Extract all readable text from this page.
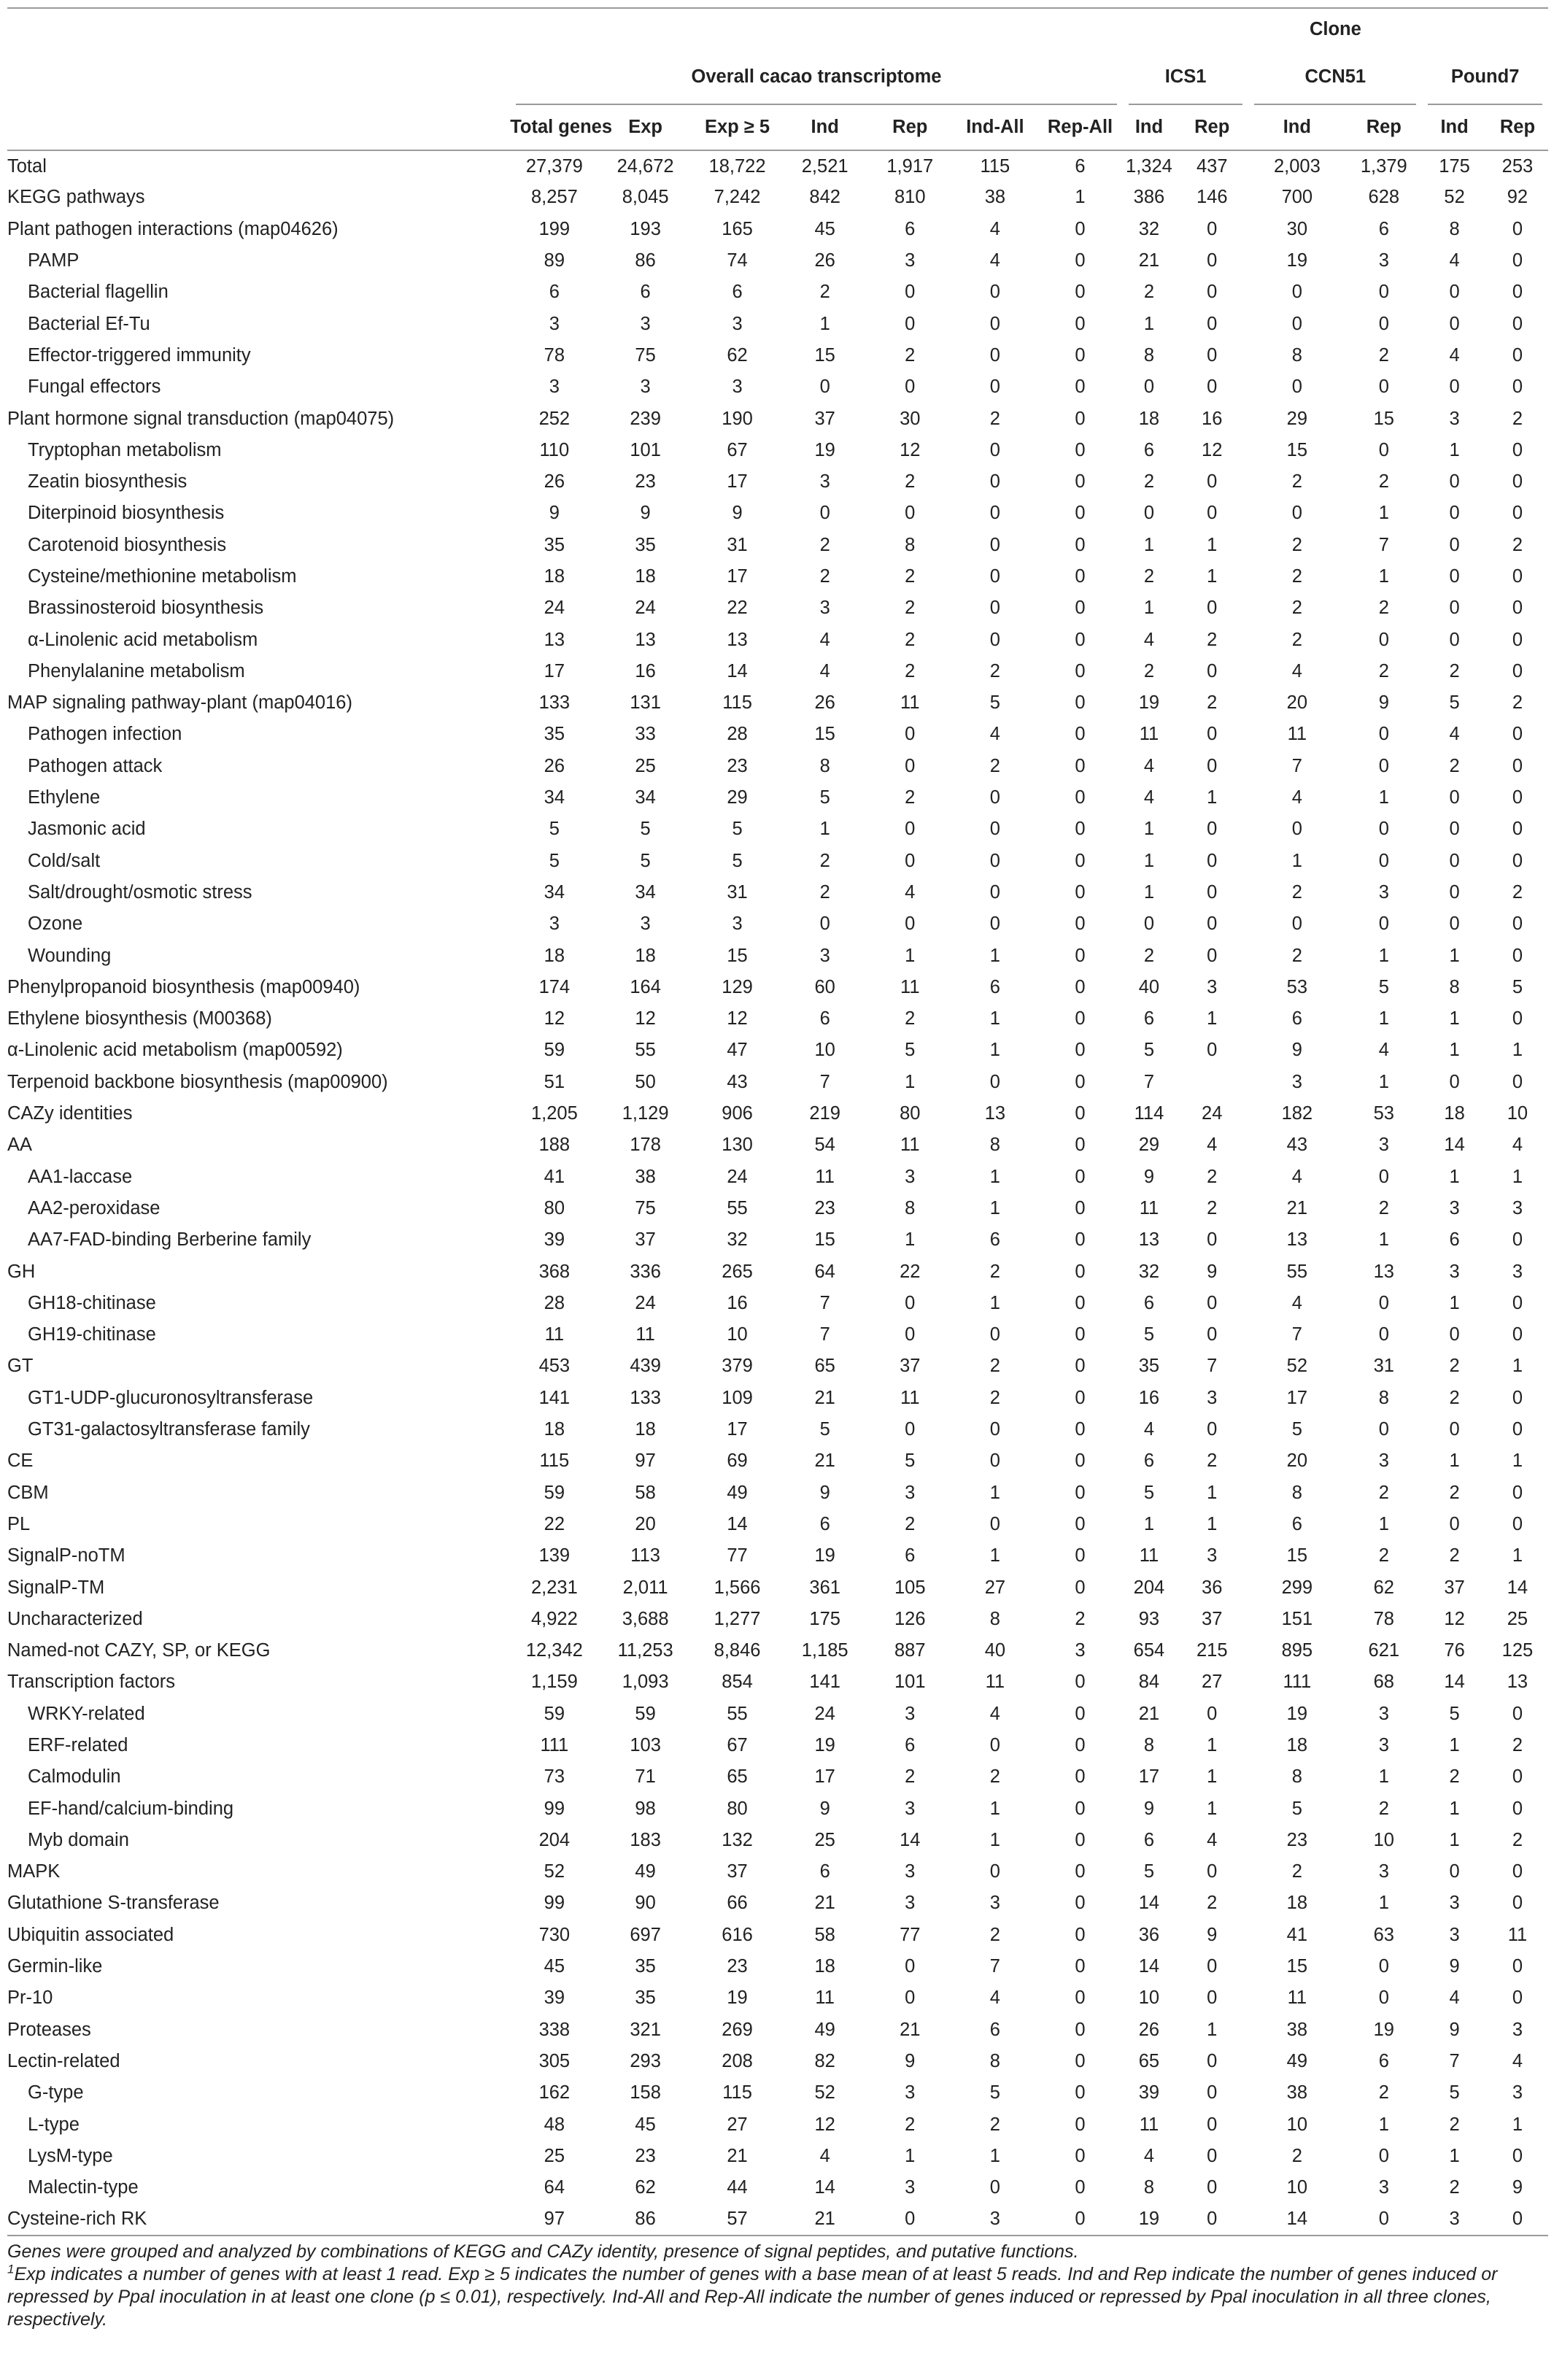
								Clone					

	Overall cacao transcriptome							ICS1		CCN51		Pound7	

	Total genes	Exp	Exp ≥ 5	Ind	Rep	Ind-All	Rep-All	Ind	Rep	Ind	Rep	Ind	Rep
Total	27,379	24,672	18,722	2,521	1,917	115	6	1,324	437	2,003	1,379	175	253
KEGG pathways	8,257	8,045	7,242	842	810	38	1	386	146	700	628	52	92
Plant pathogen interactions (map04626)	199	193	165	45	6	4	0	32	0	30	6	8	0
PAMP	89	86	74	26	3	4	0	21	0	19	3	4	0
Bacterial flagellin	6	6	6	2	0	0	0	2	0	0	0	0	0
Bacterial Ef-Tu	3	3	3	1	0	0	0	1	0	0	0	0	0
Effector-triggered immunity	78	75	62	15	2	0	0	8	0	8	2	4	0
Fungal effectors	3	3	3	0	0	0	0	0	0	0	0	0	0
Plant hormone signal transduction (map04075)	252	239	190	37	30	2	0	18	16	29	15	3	2
Tryptophan metabolism	110	101	67	19	12	0	0	6	12	15	0	1	0
Zeatin biosynthesis	26	23	17	3	2	0	0	2	0	2	2	0	0
Diterpinoid biosynthesis	9	9	9	0	0	0	0	0	0	0	1	0	0
Carotenoid biosynthesis	35	35	31	2	8	0	0	1	1	2	7	0	2
Cysteine/methionine metabolism	18	18	17	2	2	0	0	2	1	2	1	0	0
Brassinosteroid biosynthesis	24	24	22	3	2	0	0	1	0	2	2	0	0
α-Linolenic acid metabolism	13	13	13	4	2	0	0	4	2	2	0	0	0
Phenylalanine metabolism	17	16	14	4	2	2	0	2	0	4	2	2	0
MAP signaling pathway-plant (map04016)	133	131	115	26	11	5	0	19	2	20	9	5	2
Pathogen infection	35	33	28	15	0	4	0	11	0	11	0	4	0
Pathogen attack	26	25	23	8	0	2	0	4	0	7	0	2	0
Ethylene	34	34	29	5	2	0	0	4	1	4	1	0	0
Jasmonic acid	5	5	5	1	0	0	0	1	0	0	0	0	0
Cold/salt	5	5	5	2	0	0	0	1	0	1	0	0	0
Salt/drought/osmotic stress	34	34	31	2	4	0	0	1	0	2	3	0	2
Ozone	3	3	3	0	0	0	0	0	0	0	0	0	0
Wounding	18	18	15	3	1	1	0	2	0	2	1	1	0
Phenylpropanoid biosynthesis (map00940)	174	164	129	60	11	6	0	40	3	53	5	8	5
Ethylene biosynthesis (M00368)	12	12	12	6	2	1	0	6	1	6	1	1	0
α-Linolenic acid metabolism (map00592)	59	55	47	10	5	1	0	5	0	9	4	1	1
Terpenoid backbone biosynthesis (map00900)	51	50	43	7	1	0	0	7		3	1	0	0
CAZy identities	1,205	1,129	906	219	80	13	0	114	24	182	53	18	10
AA	188	178	130	54	11	8	0	29	4	43	3	14	4
AA1-laccase	41	38	24	11	3	1	0	9	2	4	0	1	1
AA2-peroxidase	80	75	55	23	8	1	0	11	2	21	2	3	3
AA7-FAD-binding Berberine family	39	37	32	15	1	6	0	13	0	13	1	6	0
GH	368	336	265	64	22	2	0	32	9	55	13	3	3
GH18-chitinase	28	24	16	7	0	1	0	6	0	4	0	1	0
GH19-chitinase	11	11	10	7	0	0	0	5	0	7	0	0	0
GT	453	439	379	65	37	2	0	35	7	52	31	2	1
GT1-UDP-glucuronosyltransferase	141	133	109	21	11	2	0	16	3	17	8	2	0
GT31-galactosyltransferase family	18	18	17	5	0	0	0	4	0	5	0	0	0
CE	115	97	69	21	5	0	0	6	2	20	3	1	1
CBM	59	58	49	9	3	1	0	5	1	8	2	2	0
PL	22	20	14	6	2	0	0	1	1	6	1	0	0
SignalP-noTM	139	113	77	19	6	1	0	11	3	15	2	2	1
SignalP-TM	2,231	2,011	1,566	361	105	27	0	204	36	299	62	37	14
Uncharacterized	4,922	3,688	1,277	175	126	8	2	93	37	151	78	12	25
Named-not CAZY, SP, or KEGG	12,342	11,253	8,846	1,185	887	40	3	654	215	895	621	76	125
Transcription factors	1,159	1,093	854	141	101	11	0	84	27	111	68	14	13
WRKY-related	59	59	55	24	3	4	0	21	0	19	3	5	0
ERF-related	111	103	67	19	6	0	0	8	1	18	3	1	2
Calmodulin	73	71	65	17	2	2	0	17	1	8	1	2	0
EF-hand/calcium-binding	99	98	80	9	3	1	0	9	1	5	2	1	0
Myb domain	204	183	132	25	14	1	0	6	4	23	10	1	2
MAPK	52	49	37	6	3	0	0	5	0	2	3	0	0
Glutathione S-transferase	99	90	66	21	3	3	0	14	2	18	1	3	0
Ubiquitin associated	730	697	616	58	77	2	0	36	9	41	63	3	11
Germin-like	45	35	23	18	0	7	0	14	0	15	0	9	0
Pr-10	39	35	19	11	0	4	0	10	0	11	0	4	0
Proteases	338	321	269	49	21	6	0	26	1	38	19	9	3
Lectin-related	305	293	208	82	9	8	0	65	0	49	6	7	4
G-type	162	158	115	52	3	5	0	39	0	38	2	5	3
L-type	48	45	27	12	2	2	0	11	0	10	1	2	1
LysM-type	25	23	21	4	1	1	0	4	0	2	0	1	0
Malectin-type	64	62	44	14	3	0	0	8	0	10	3	2	9
Cysteine-rich RK	97	86	57	21	0	3	0	19	0	14	0	3	0

Genes were grouped and analyzed by combinations of KEGG and CAZy identity, presence of signal peptides, and putative functions.

$^1$Exp indicates a number of genes with at least 1 read. Exp ≥ 5 indicates the number of genes with a base mean of at least 5 reads. Ind and Rep indicate the number of genes induced or repressed by Ppal inoculation in at least one clone (p ≤ 0.01), respectively. Ind-All and Rep-All indicate the number of genes induced or repressed by Ppal inoculation in all three clones, respectively.
